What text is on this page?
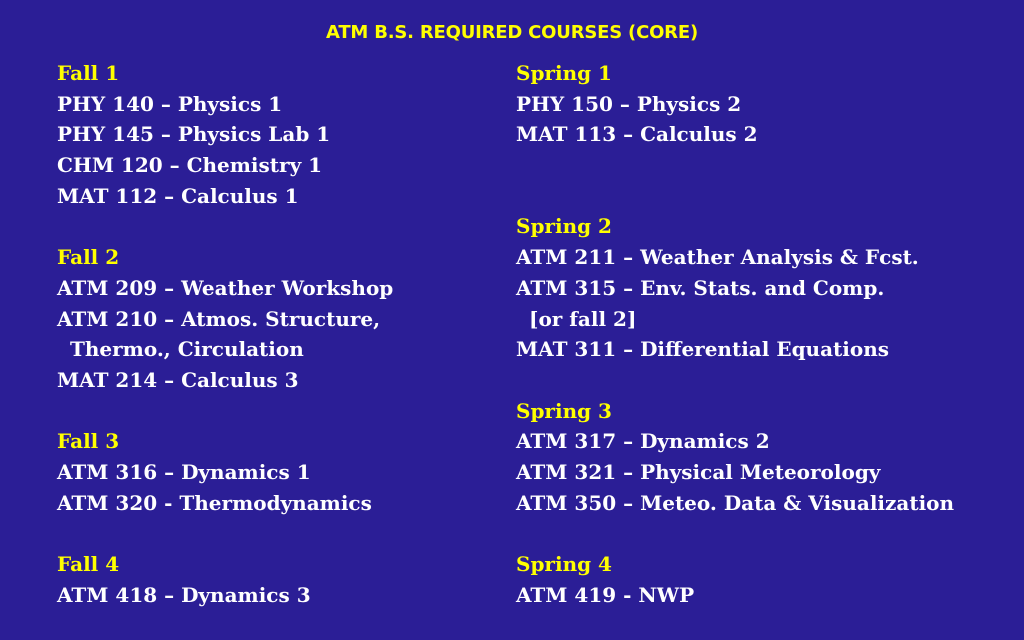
ATM B.S. REQUIRED COURSES (CORE)
Fall 1
PHY 140 – Physics 1
PHY 145 – Physics Lab 1
CHM 120 – Chemistry 1
MAT 112 – Calculus 1
Fall 2
ATM 209 – Weather Workshop
ATM 210 – Atmos. Structure,
Thermo., Circulation
MAT 214 – Calculus 3
Fall 3
ATM 316 – Dynamics 1
ATM 320 - Thermodynamics
Fall 4
ATM 418 – Dynamics 3
Spring 1
PHY 150 – Physics 2
MAT 113 – Calculus 2
Spring 2
ATM 211 – Weather Analysis & Fcst.
ATM 315 – Env. Stats. and Comp.
[or fall 2]
MAT 311 – Differential Equations
Spring 3
ATM 317 – Dynamics 2
ATM 321 – Physical Meteorology
ATM 350 – Meteo. Data & Visualization
Spring 4
ATM 419 - NWP
